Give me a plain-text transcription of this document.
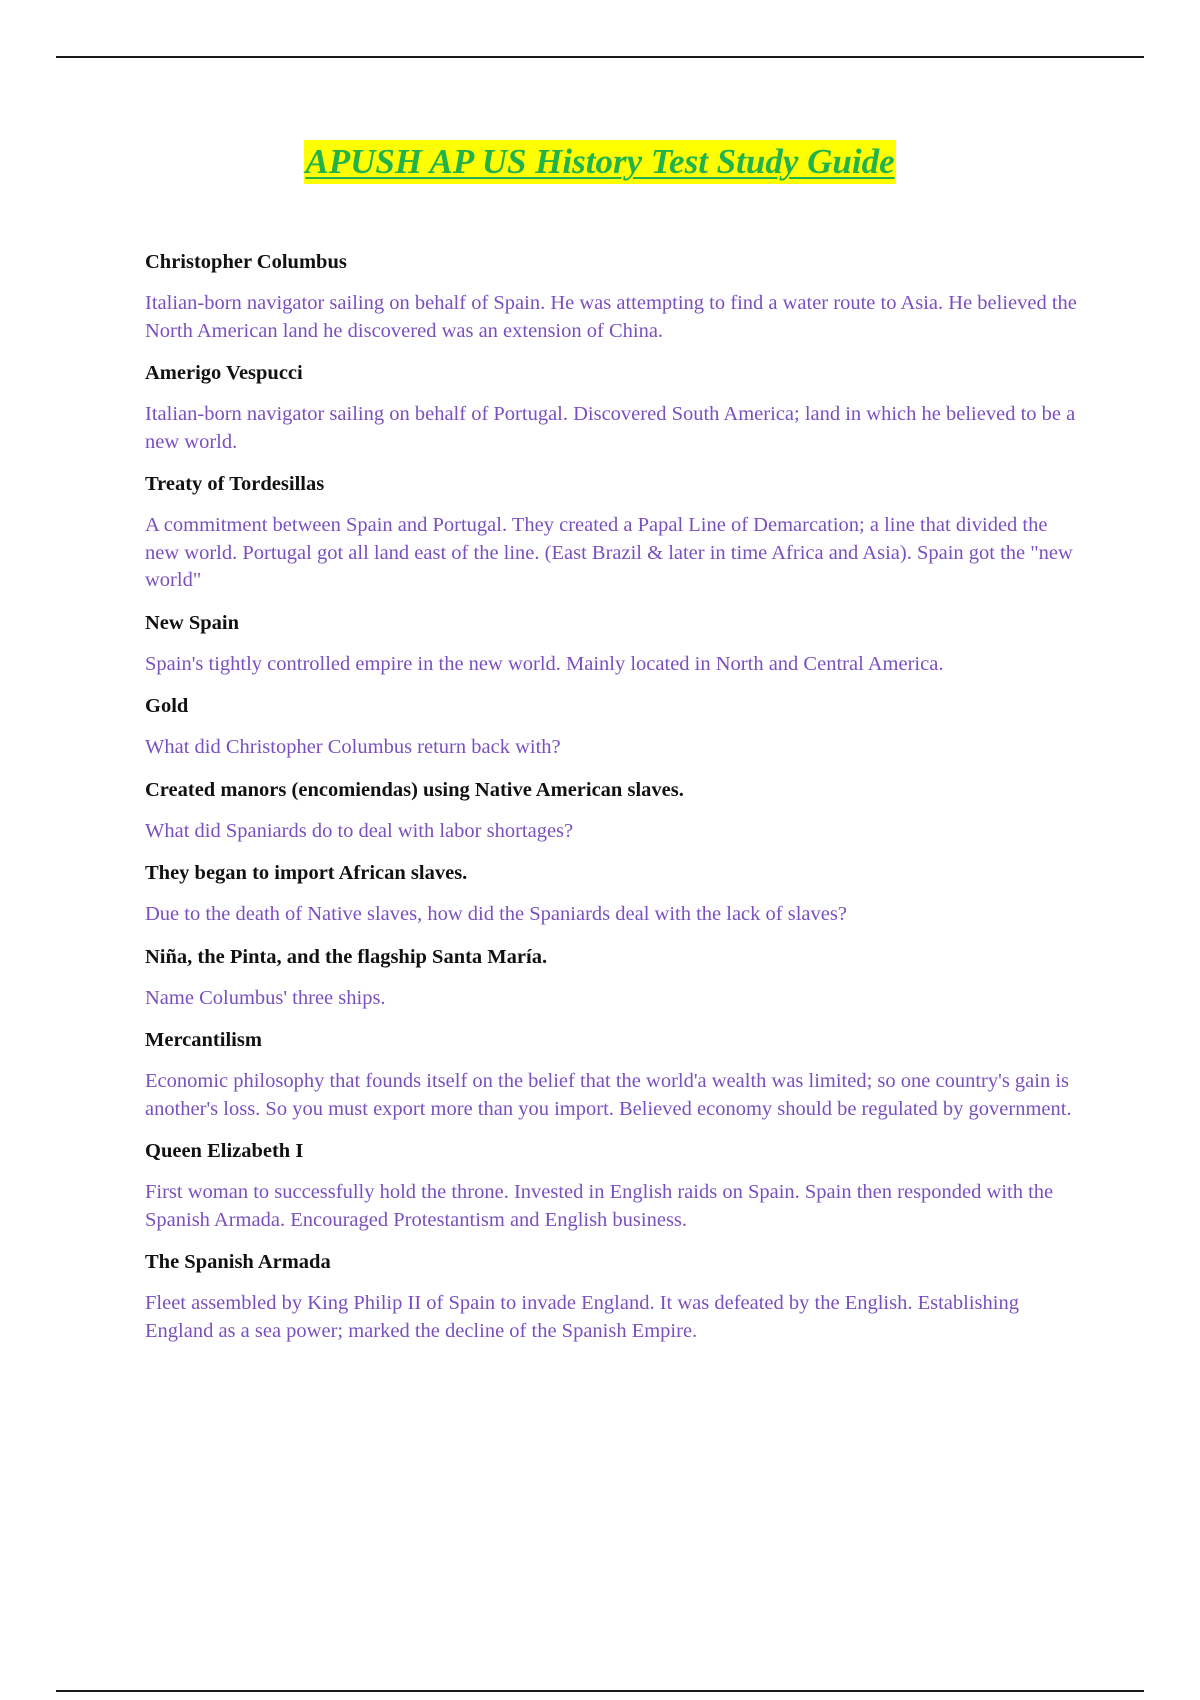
APUSH AP US History Test Study Guide

Christopher Columbus

Italian-born navigator sailing on behalf of Spain. He was attempting to find a water route to Asia. He believed the North American land he discovered was an extension of China.

Amerigo Vespucci

Italian-born navigator sailing on behalf of Portugal. Discovered South America; land in which he believed to be a new world.

Treaty of Tordesillas

A commitment between Spain and Portugal. They created a Papal Line of Demarcation; a line that divided the new world. Portugal got all land east of the line. (East Brazil & later in time Africa and Asia). Spain got the "new world"

New Spain

Spain's tightly controlled empire in the new world. Mainly located in North and Central America.

Gold

What did Christopher Columbus return back with?

Created manors (encomiendas) using Native American slaves.

What did Spaniards do to deal with labor shortages?

They began to import African slaves.

Due to the death of Native slaves, how did the Spaniards deal with the lack of slaves?

Niña, the Pinta, and the flagship Santa María.

Name Columbus' three ships.

Mercantilism

Economic philosophy that founds itself on the belief that the world'a wealth was limited; so one country's gain is another's loss. So you must export more than you import. Believed economy should be regulated by government.

Queen Elizabeth I

First woman to successfully hold the throne. Invested in English raids on Spain. Spain then responded with the Spanish Armada. Encouraged Protestantism and English business.

The Spanish Armada

Fleet assembled by King Philip II of Spain to invade England. It was defeated by the English. Establishing England as a sea power; marked the decline of the Spanish Empire.
